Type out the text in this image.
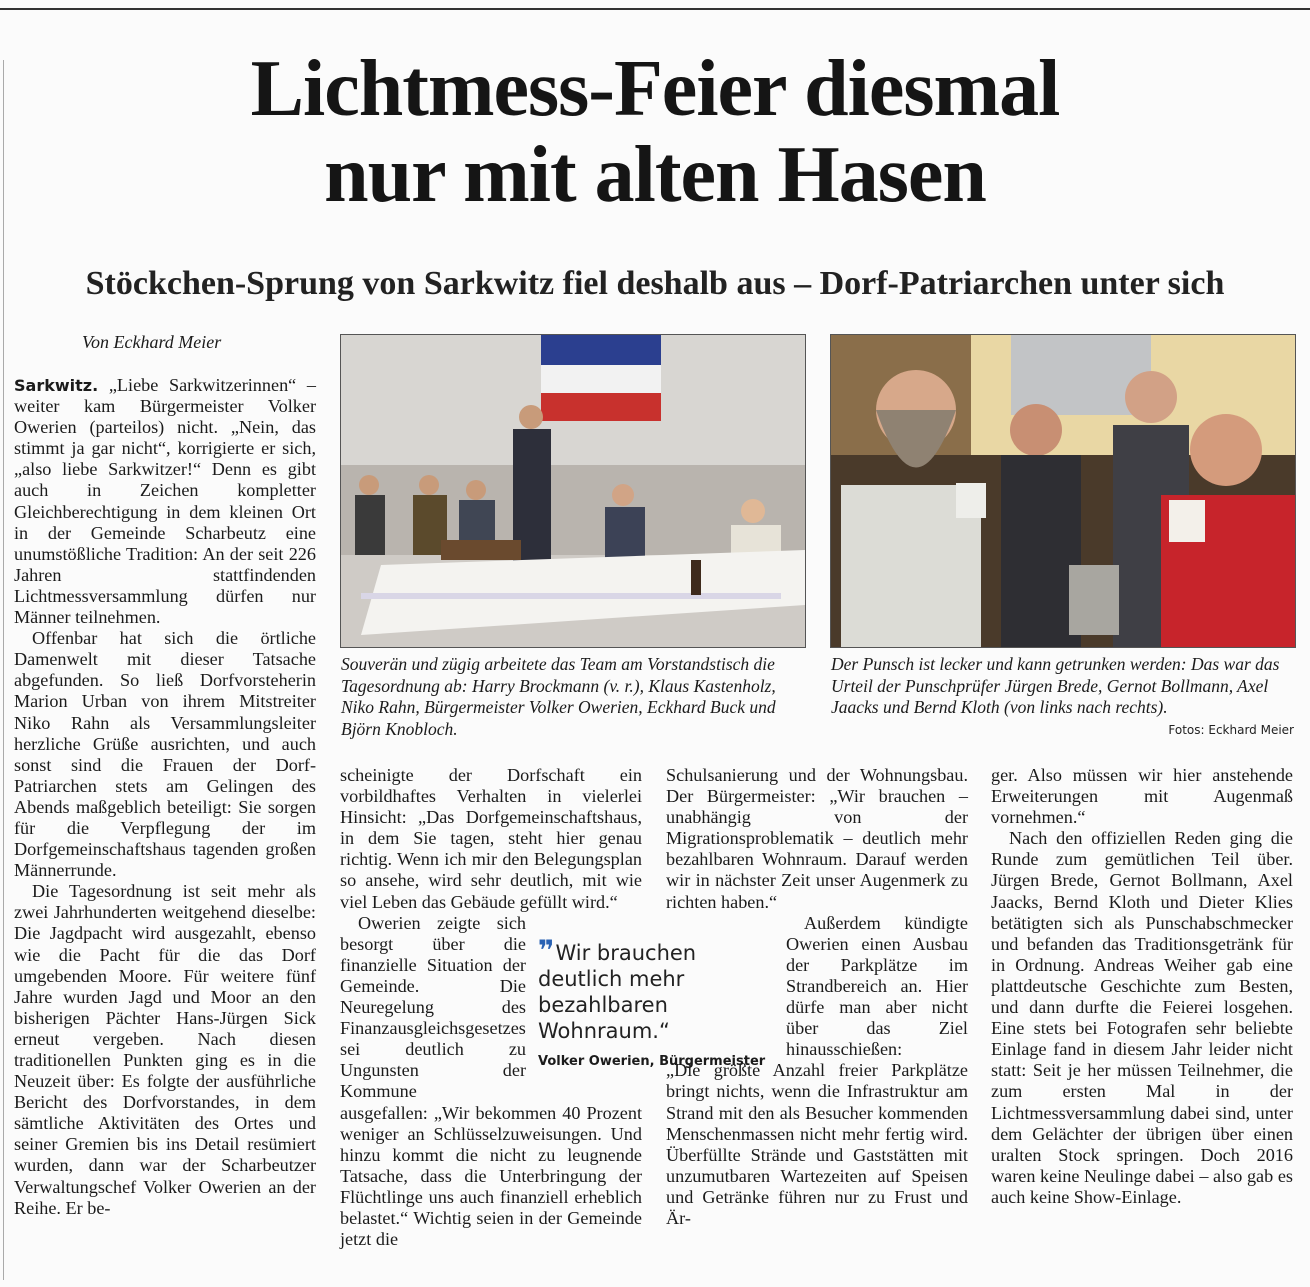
Lichtmess-Feier diesmal
nur mit alten Hasen
Stöckchen-Sprung von Sarkwitz fiel deshalb aus – Dorf-Patriarchen unter sich
Von Eckhard Meier

Sarkwitz. „Liebe Sarkwitzerinnen“ – weiter kam Bürgermeister Volker Owerien (parteilos) nicht. „Nein, das stimmt ja gar nicht“, korrigierte er sich, „also liebe Sarkwitzer!“ Denn es gibt auch in Zeichen kompletter Gleichberechtigung in dem kleinen Ort in der Gemeinde Scharbeutz eine unumstößliche Tradition: An der seit 226 Jahren stattfindenden Lichtmessversammlung dürfen nur Männer teilnehmen.

Offenbar hat sich die örtliche Damenwelt mit dieser Tatsache abgefunden. So ließ Dorfvorsteherin Marion Urban von ihrem Mitstreiter Niko Rahn als Versammlungsleiter herzliche Grüße ausrichten, und auch sonst sind die Frauen der Dorf-Patriarchen stets am Gelingen des Abends maßgeblich beteiligt: Sie sorgen für die Verpflegung der im Dorfgemeinschaftshaus tagenden großen Männerrunde.

Die Tagesordnung ist seit mehr als zwei Jahrhunderten weitgehend dieselbe: Die Jagdpacht wird ausgezahlt, ebenso wie die Pacht für die das Dorf umgebenden Moore. Für weitere fünf Jahre wurden Jagd und Moor an den bisherigen Pächter Hans-Jürgen Sick erneut vergeben. Nach diesen traditionellen Punkten ging es in die Neuzeit über: Es folgte der ausführliche Bericht des Dorfvorstandes, in dem sämtliche Aktivitäten des Ortes und seiner Gremien bis ins Detail resümiert wurden, dann war der Scharbeutzer Verwaltungschef Volker Owerien an der Reihe. Er be-

Souverän und zügig arbeitete das Team am Vorstandstisch die Tagesordnung ab: Harry Brockmann (v. r.), Klaus Kastenholz, Niko Rahn, Bürgermeister Volker Owerien, Eckhard Buck und Björn Knobloch.
Der Punsch ist lecker und kann getrunken werden: Das war das Urteil der Punschprüfer Jürgen Brede, Gernot Bollmann, Axel Jaacks und Bernd Kloth (von links nach rechts).
Fotos: Eckhard Meier

scheinigte der Dorfschaft ein vorbildhaftes Verhalten in vielerlei Hinsicht: „Das Dorfgemeinschaftshaus, in dem Sie tagen, steht hier genau richtig. Wenn ich mir den Belegungsplan so ansehe, wird sehr deutlich, mit wie viel Leben das Gebäude gefüllt wird.“

Owerien zeigte sich besorgt über die finanzielle Situation der Gemeinde. Die Neuregelung des Finanzausgleichsgesetzes sei deutlich zu Ungunsten der Kommune

ausgefallen: „Wir bekommen 40 Prozent weniger an Schlüsselzuweisungen. Und hinzu kommt die nicht zu leugnende Tatsache, dass die Unterbringung der Flüchtlinge uns auch finanziell erheblich belastet.“ Wichtig seien in der Gemeinde jetzt die

❞ Wir brauchen deutlich mehr bezahlbaren Wohnraum.“
Volker Owerien, Bürgermeister

Schulsanierung und der Wohnungsbau. Der Bürgermeister: „Wir brauchen – unabhängig von der Migrationsproblematik – deutlich mehr bezahlbaren Wohnraum. Darauf werden wir in nächster Zeit unser Augenmerk zu richten haben.“

Außerdem kündigte Owerien einen Ausbau der Parkplätze im Strandbereich an. Hier dürfe man aber nicht über das Ziel hinausschießen:

„Die größte Anzahl freier Parkplätze bringt nichts, wenn die Infrastruktur am Strand mit den als Besucher kommenden Menschenmassen nicht mehr fertig wird. Überfüllte Strände und Gaststätten mit unzumutbaren Wartezeiten auf Speisen und Getränke führen nur zu Frust und Är-

ger. Also müssen wir hier anstehende Erweiterungen mit Augenmaß vornehmen.“

Nach den offiziellen Reden ging die Runde zum gemütlichen Teil über. Jürgen Brede, Gernot Bollmann, Axel Jaacks, Bernd Kloth und Dieter Klies betätigten sich als Punschabschmecker und befanden das Traditionsgetränk für in Ordnung. Andreas Weiher gab eine plattdeutsche Geschichte zum Besten, und dann durfte die Feierei losgehen. Eine stets bei Fotografen sehr beliebte Einlage fand in diesem Jahr leider nicht statt: Seit je her müssen Teilnehmer, die zum ersten Mal in der Lichtmessversammlung dabei sind, unter dem Gelächter der übrigen über einen uralten Stock springen. Doch 2016 waren keine Neulinge dabei – also gab es auch keine Show-Einlage.
